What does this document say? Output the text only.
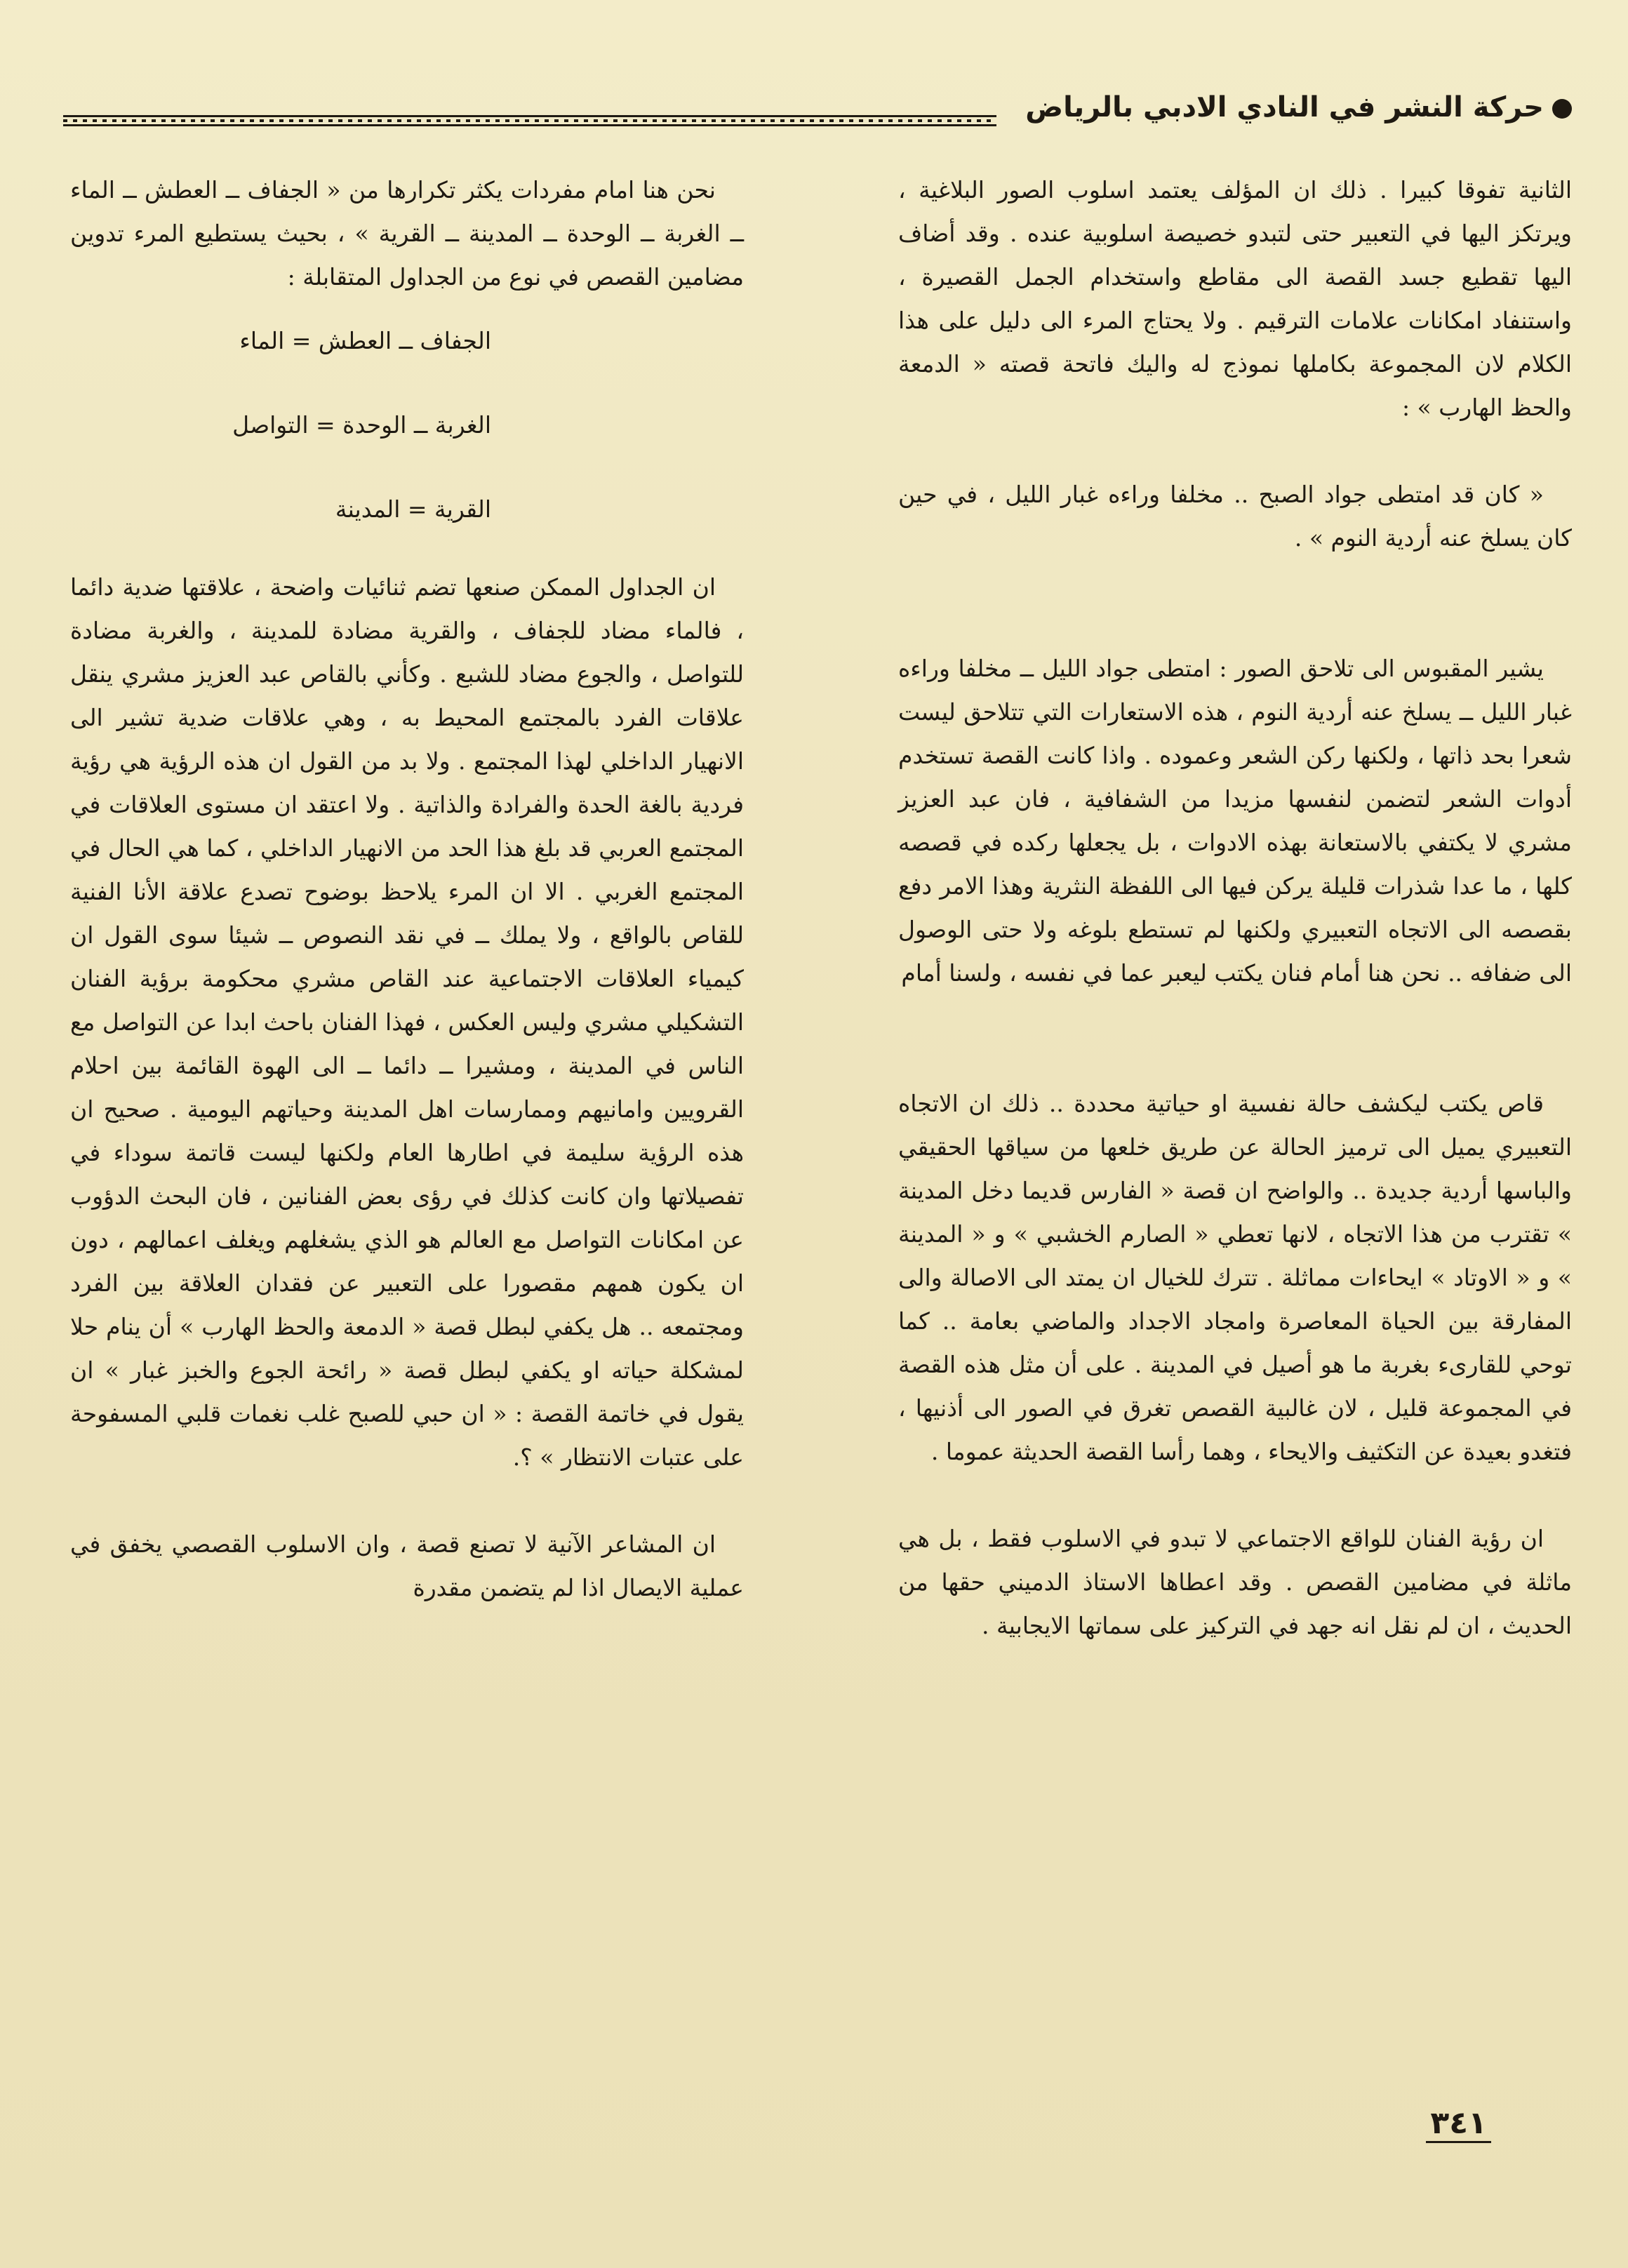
حركة النشر في النادي الادبي بالرياض

الثانية تفوقا كبيرا . ذلك ان المؤلف يعتمد اسلوب الصور البلاغية ، ويرتكز اليها في التعبير حتى لتبدو خصيصة اسلوبية عنده . وقد أضاف اليها تقطيع جسد القصة الى مقاطع واستخدام الجمل القصيرة ، واستنفاد امكانات علامات الترقيم . ولا يحتاج المرء الى دليل على هذا الكلام لان المجموعة بكاملها نموذج له واليك فاتحة قصته « الدمعة والحظ الهارب » :

« كان قد امتطى جواد الصبح .. مخلفا وراءه غبار الليل ، في حين كان يسلخ عنه أردية النوم » .

يشير المقبوس الى تلاحق الصور : امتطى جواد الليل ــ مخلفا وراءه غبار الليل ــ يسلخ عنه أردية النوم ، هذه الاستعارات التي تتلاحق ليست شعرا بحد ذاتها ، ولكنها ركن الشعر وعموده . واذا كانت القصة تستخدم أدوات الشعر لتضمن لنفسها مزيدا من الشفافية ، فان عبد العزيز مشري لا يكتفي بالاستعانة بهذه الادوات ، بل يجعلها ركده في قصصه كلها ، ما عدا شذرات قليلة يركن فيها الى اللفظة النثرية وهذا الامر دفع بقصصه الى الاتجاه التعبيري ولكنها لم تستطع بلوغه ولا حتى الوصول الى ضفافه .. نحن هنا أمام فنان يكتب ليعبر عما في نفسه ، ولسنا أمام

قاص يكتب ليكشف حالة نفسية او حياتية محددة .. ذلك ان الاتجاه التعبيري يميل الى ترميز الحالة عن طريق خلعها من سياقها الحقيقي والباسها أردية جديدة .. والواضح ان قصة « الفارس قديما دخل المدينة » تقترب من هذا الاتجاه ، لانها تعطي « الصارم الخشبي » و « المدينة » و « الاوتاد » ايحاءات مماثلة . تترك للخيال ان يمتد الى الاصالة والى المفارقة بين الحياة المعاصرة وامجاد الاجداد والماضي بعامة .. كما توحي للقارىء بغربة ما هو أصيل في المدينة . على أن مثل هذه القصة في المجموعة قليل ، لان غالبية القصص تغرق في الصور الى أذنيها ، فتغدو بعيدة عن التكثيف والايحاء ، وهما رأسا القصة الحديثة عموما .

ان رؤية الفنان للواقع الاجتماعي لا تبدو في الاسلوب فقط ، بل هي ماثلة في مضامين القصص . وقد اعطاها الاستاذ الدميني حقها من الحديث ، ان لم نقل انه جهد في التركيز على سماتها الايجابية .

نحن هنا امام مفردات يكثر تكرارها من « الجفاف ــ العطش ــ الماء ــ الغربة ــ الوحدة ــ المدينة ــ القرية » ، بحيث يستطيع المرء تدوين مضامين القصص في نوع من الجداول المتقابلة :

الجفاف ــ العطش = الماء

الغربة ــ الوحدة = التواصل

القرية = المدينة

ان الجداول الممكن صنعها تضم ثنائيات واضحة ، علاقتها ضدية دائما ، فالماء مضاد للجفاف ، والقرية مضادة للمدينة ، والغربة مضادة للتواصل ، والجوع مضاد للشبع . وكأني بالقاص عبد العزيز مشري ينقل علاقات الفرد بالمجتمع المحيط به ، وهي علاقات ضدية تشير الى الانهيار الداخلي لهذا المجتمع . ولا بد من القول ان هذه الرؤية هي رؤية فردية بالغة الحدة والفرادة والذاتية . ولا اعتقد ان مستوى العلاقات في المجتمع العربي قد بلغ هذا الحد من الانهيار الداخلي ، كما هي الحال في المجتمع الغربي . الا ان المرء يلاحظ بوضوح تصدع علاقة الأنا الفنية للقاص بالواقع ، ولا يملك ــ في نقد النصوص ــ شيئا سوى القول ان كيمياء العلاقات الاجتماعية عند القاص مشري محكومة برؤية الفنان التشكيلي مشري وليس العكس ، فهذا الفنان باحث ابدا عن التواصل مع الناس في المدينة ، ومشيرا ــ دائما ــ الى الهوة القائمة بين احلام القرويين وامانيهم وممارسات اهل المدينة وحياتهم اليومية . صحيح ان هذه الرؤية سليمة في اطارها العام ولكنها ليست قاتمة سوداء في تفصيلاتها وان كانت كذلك في رؤى بعض الفنانين ، فان البحث الدؤوب عن امكانات التواصل مع العالم هو الذي يشغلهم ويغلف اعمالهم ، دون ان يكون همهم مقصورا على التعبير عن فقدان العلاقة بين الفرد ومجتمعه .. هل يكفي لبطل قصة « الدمعة والحظ الهارب » أن ينام حلا لمشكلة حياته او يكفي لبطل قصة « رائحة الجوع والخبز غبار » ان يقول في خاتمة القصة : « ان حبي للصبح غلب نغمات قلبي المسفوحة على عتبات الانتظار » ؟.

ان المشاعر الآنية لا تصنع قصة ، وان الاسلوب القصصي يخفق في عملية الايصال اذا لم يتضمن مقدرة

٣٤١
